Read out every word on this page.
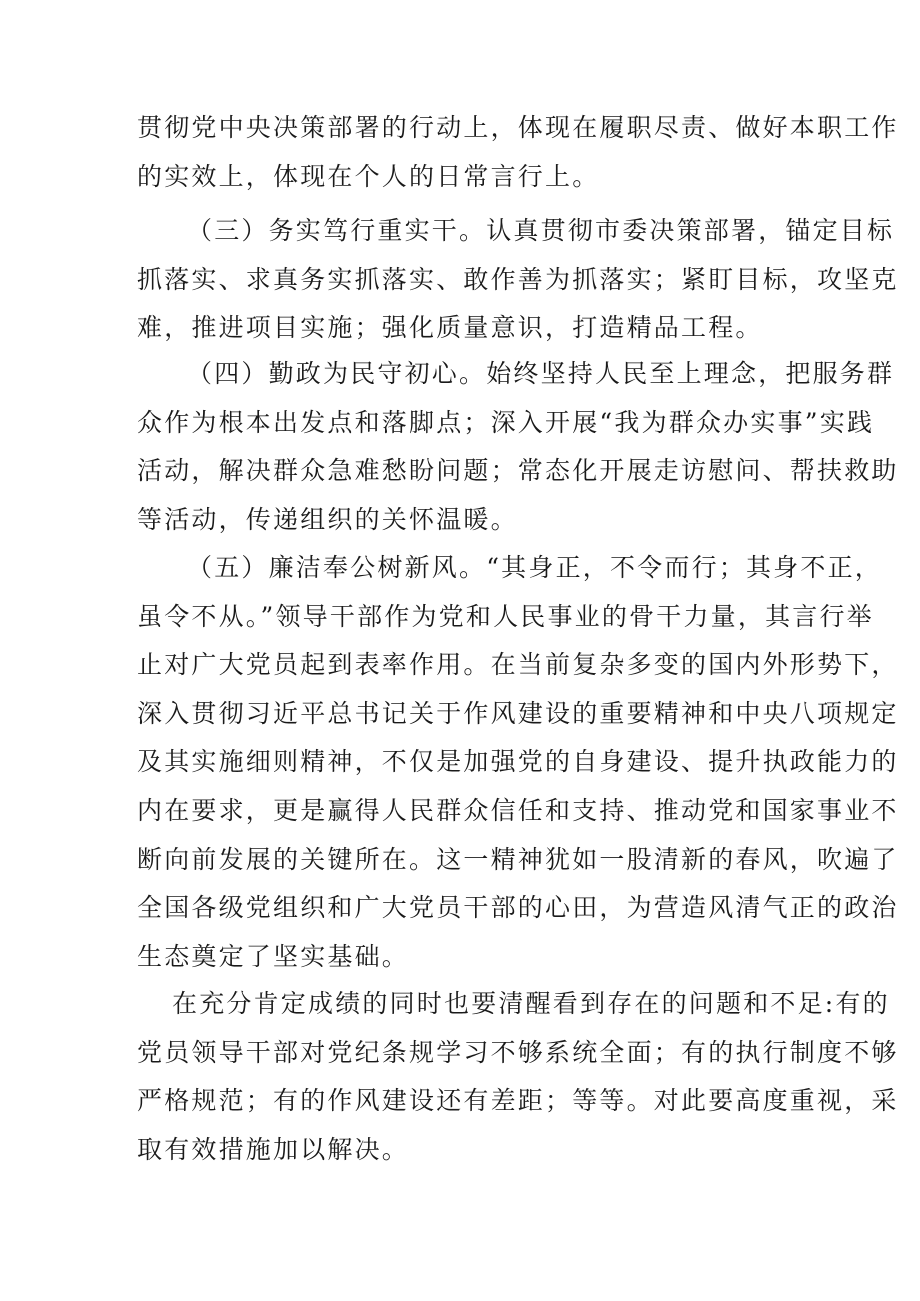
贯彻党中央决策部署的行动上，体现在履职尽责、做好本职工作
的实效上，体现在个人的日常言行上。

（三）务实笃行重实干。认真贯彻市委决策部署，锚定目标
抓落实、求真务实抓落实、敢作善为抓落实；紧盯目标，攻坚克
难，推进项目实施；强化质量意识，打造精品工程。

（四）勤政为民守初心。始终坚持人民至上理念，把服务群
众作为根本出发点和落脚点；深入开展“我为群众办实事”实践
活动，解决群众急难愁盼问题；常态化开展走访慰问、帮扶救助
等活动，传递组织的关怀温暖。

（五）廉洁奉公树新风。“其身正，不令而行；其身不正，
虽令不从。”领导干部作为党和人民事业的骨干力量，其言行举
止对广大党员起到表率作用。在当前复杂多变的国内外形势下，
深入贯彻习近平总书记关于作风建设的重要精神和中央八项规定
及其实施细则精神，不仅是加强党的自身建设、提升执政能力的
内在要求，更是赢得人民群众信任和支持、推动党和国家事业不
断向前发展的关键所在。这一精神犹如一股清新的春风，吹遍了
全国各级党组织和广大党员干部的心田，为营造风清气正的政治
生态奠定了坚实基础。

在充分肯定成绩的同时也要清醒看到存在的问题和不足:有的
党员领导干部对党纪条规学习不够系统全面；有的执行制度不够
严格规范；有的作风建设还有差距；等等。对此要高度重视，采
取有效措施加以解决。
